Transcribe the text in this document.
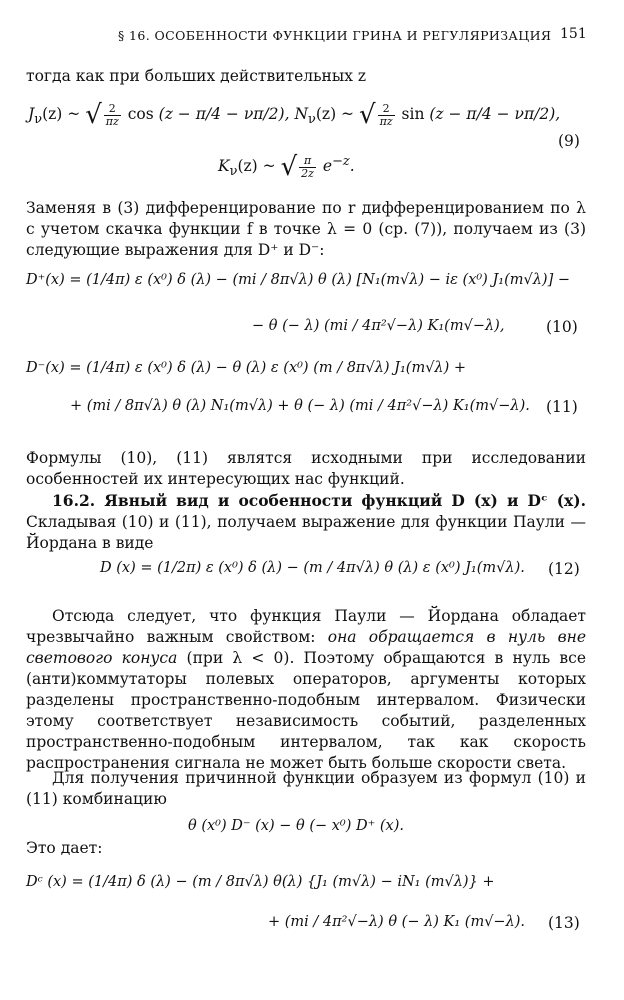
§ 16. ОСОБЕННОСТИ ФУНКЦИИ ГРИНА И РЕГУЛЯРИЗАЦИЯ 151
тогда как при больших действительных z
$J_\nu(z)$ ~ √ $\frac{2}{\pi z}$ cos (z − π/4 − νπ/2), $N_\nu(z)$ ~ √ $\frac{2}{\pi z}$ sin (z − π/4 − νπ/2),
$K_\nu(z)$ ~ √ $\frac{\pi}{2z} e^{-z}$.
(9)
Заменяя в (3) дифференцирование по r дифференцированием по λ с учетом скачка функции f в точке λ = 0 (ср. (7)), получаем из (3) следующие выражения для D⁺ и D⁻:
D⁺(x) = (1/4π) ε (x⁰) δ (λ) − (mi / 8π√λ) θ (λ) [N₁(m√λ) − iε (x⁰) J₁(m√λ)] −
− θ (− λ) (mi / 4π²√−λ) K₁(m√−λ),	(10)
D⁻(x) = (1/4π) ε (x⁰) δ (λ) − θ (λ) ε (x⁰) (m / 8π√λ) J₁(m√λ) +
+ (mi / 8π√λ) θ (λ) N₁(m√λ) + θ (− λ) (mi / 4π²√−λ) K₁(m√−λ). (11)
Формулы (10), (11) являтся исходными при исследовании особенностей их интересующих нас функций.
16.2. Явный вид и особенности функций D (x) и Dᶜ (x). Складывая (10) и (11), получаем выражение для функции Паули — Йордана в виде
D (x) = (1/2π) ε (x⁰) δ (λ) − (m / 4π√λ) θ (λ) ε (x⁰) J₁(m√λ). (12)
Отсюда следует, что функция Паули — Йордана обладает чрезвычайно важным свойством: она обращается в нуль вне светового конуса (при λ < 0). Поэтому обращаются в нуль все (анти)коммутаторы полевых операторов, аргументы которых разделены пространственно-подобным интервалом. Физически этому соответствует независимость событий, разделенных пространственно-подобным интервалом, так как скорость распространения сигнала не может быть больше скорости света.
Для получения причинной функции образуем из формул (10) и (11) комбинацию
θ (x⁰) D⁻ (x) − θ (− x⁰) D⁺ (x).
Это дает:
Dᶜ (x) = (1/4π) δ (λ) − (m / 8π√λ) θ(λ) {J₁ (m√λ) − iN₁ (m√λ)} +
+ (mi / 4π²√−λ) θ (− λ) K₁ (m√−λ). (13)
